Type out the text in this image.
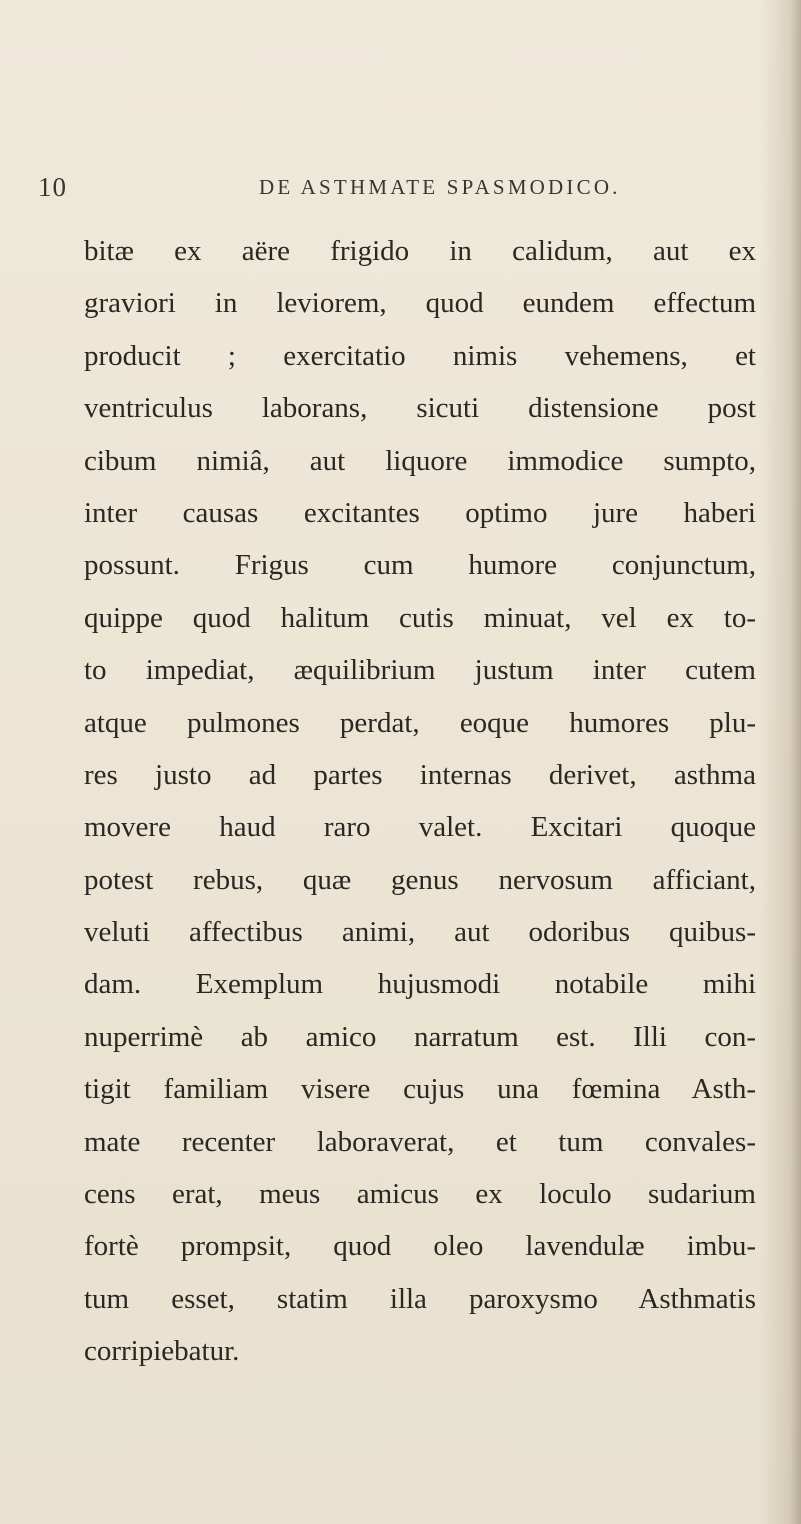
10	DE ASTHMATE SPASMODICO.
bitæ ex aëre frigido in calidum, aut ex
graviori in leviorem, quod eundem effectum
producit ; exercitatio nimis vehemens, et
ventriculus laborans, sicuti distensione post
cibum nimiâ, aut liquore immodice sumpto,
inter causas excitantes optimo jure haberi
possunt. Frigus cum humore conjunctum,
quippe quod halitum cutis minuat, vel ex to-
to impediat, æquilibrium justum inter cutem
atque pulmones perdat, eoque humores plu-
res justo ad partes internas derivet, asthma
movere haud raro valet. Excitari quoque
potest rebus, quæ genus nervosum afficiant,
veluti affectibus animi, aut odoribus quibus-
dam. Exemplum hujusmodi notabile mihi
nuperrimè ab amico narratum est. Illi con-
tigit familiam visere cujus una fœmina Asth-
mate recenter laboraverat, et tum convales-
cens erat, meus amicus ex loculo sudarium
fortè prompsit, quod oleo lavendulæ imbu-
tum esset, statim illa paroxysmo Asthmatis
corripiebatur.
